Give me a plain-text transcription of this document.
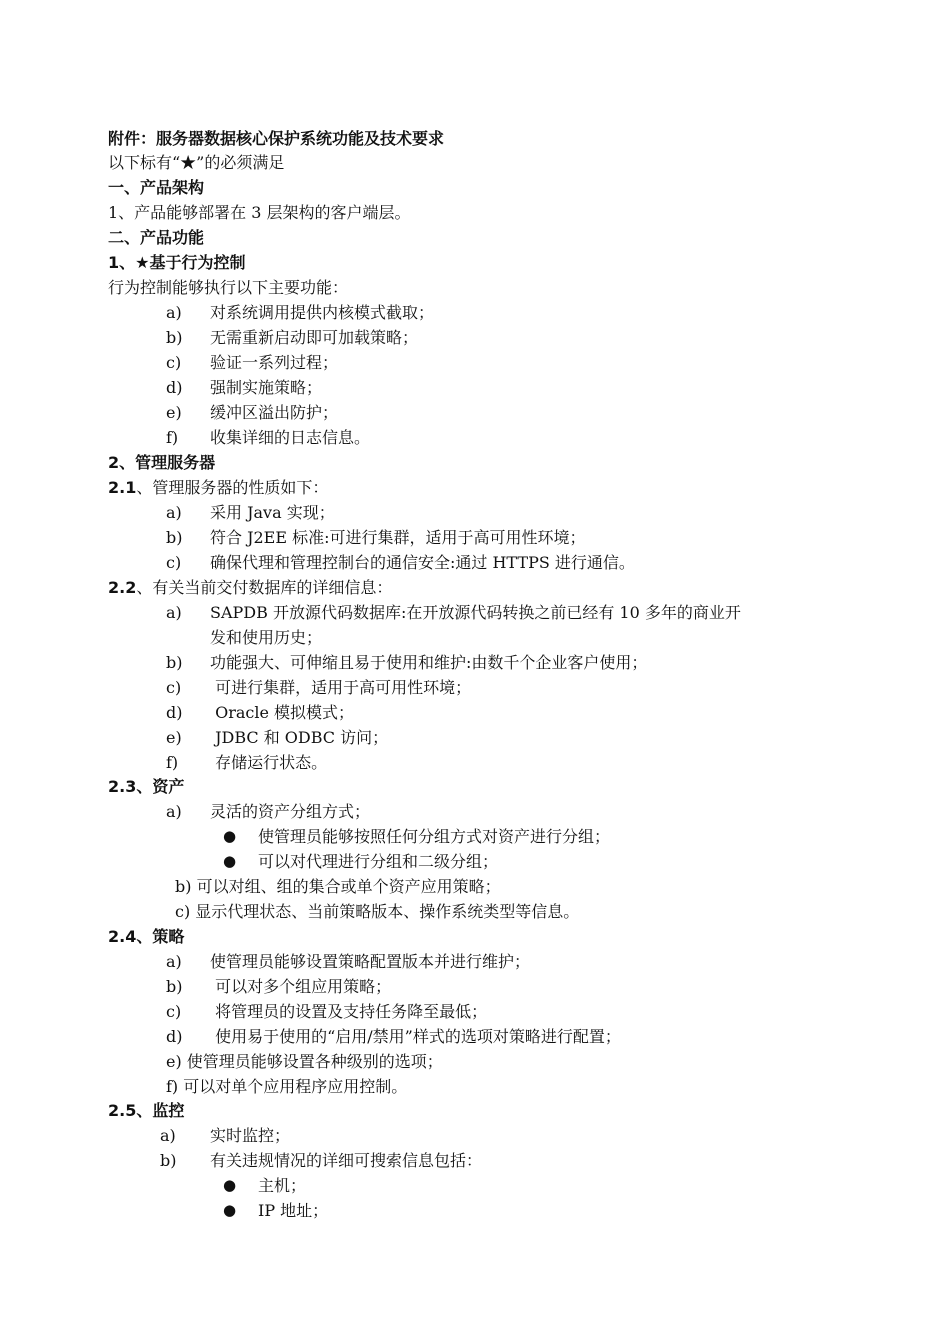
附件：服务器数据核心保护系统功能及技术要求
以下标有“★”的必须满足
一、产品架构
1、产品能够部署在 3 层架构的客户端层。
二、产品功能
1、★基于行为控制
行为控制能够执行以下主要功能：
a) 对系统调用提供内核模式截取；
b) 无需重新启动即可加载策略；
c) 验证一系列过程；
d) 强制实施策略；
e) 缓冲区溢出防护；
f) 收集详细的日志信息。
2、管理服务器
2.1、管理服务器的性质如下：
a) 采用 Java 实现；
b) 符合 J2EE 标准:可进行集群，适用于高可用性环境；
c) 确保代理和管理控制台的通信安全:通过 HTTPS 进行通信。
2.2、有关当前交付数据库的详细信息：
a) SAPDB 开放源代码数据库:在开放源代码转换之前已经有 10 多年的商业开
发和使用历史；
b) 功能强大、可伸缩且易于使用和维护:由数千个企业客户使用；
c) 可进行集群，适用于高可用性环境；
d) Oracle 模拟模式；
e) JDBC 和 ODBC 访问；
f) 存储运行状态。
2.3、资产
a) 灵活的资产分组方式；
● 使管理员能够按照任何分组方式对资产进行分组；
● 可以对代理进行分组和二级分组；
b) 可以对组、组的集合或单个资产应用策略；
c) 显示代理状态、当前策略版本、操作系统类型等信息。
2.4、策略
a) 使管理员能够设置策略配置版本并进行维护；
b) 可以对多个组应用策略；
c) 将管理员的设置及支持任务降至最低；
d) 使用易于使用的“启用/禁用”样式的选项对策略进行配置；
e) 使管理员能够设置各种级别的选项；
f) 可以对单个应用程序应用控制。
2.5、监控
a) 实时监控；
b) 有关违规情况的详细可搜索信息包括：
● 主机；
● IP 地址；
